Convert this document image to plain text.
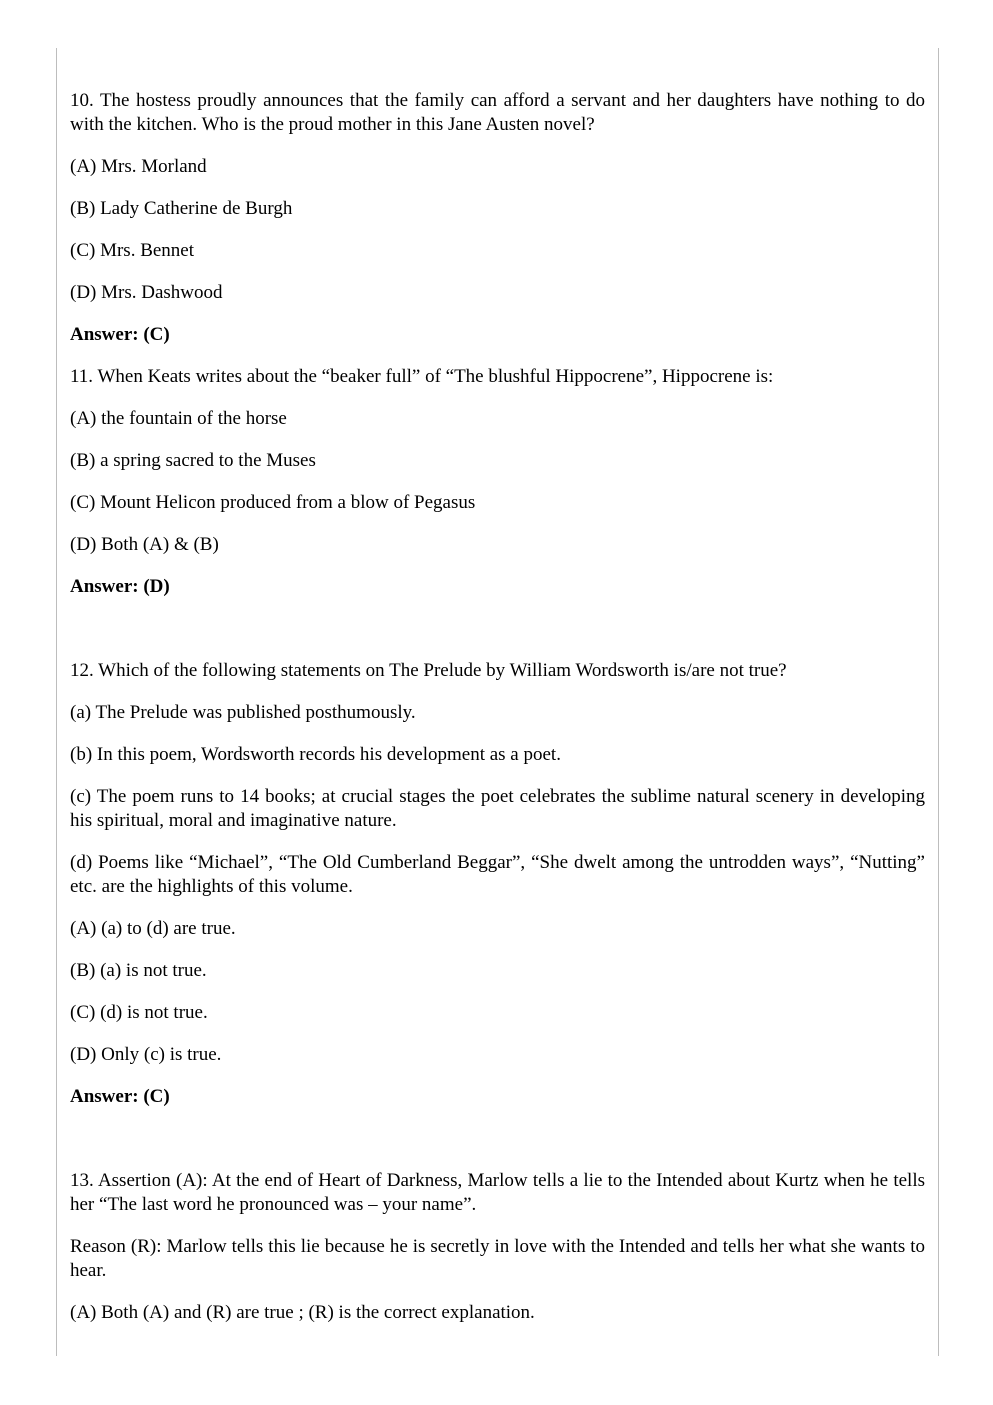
10. The hostess proudly announces that the family can afford a servant and her daughters have nothing to do with the kitchen. Who is the proud mother in this Jane Austen novel?

(A) Mrs. Morland

(B) Lady Catherine de Burgh

(C) Mrs. Bennet

(D) Mrs. Dashwood

Answer: (C)

11. When Keats writes about the “beaker full” of “The blushful Hippocrene”, Hippocrene is:

(A) the fountain of the horse

(B) a spring sacred to the Muses

(C) Mount Helicon produced from a blow of Pegasus

(D) Both (A) & (B)

Answer: (D)

12. Which of the following statements on The Prelude by William Wordsworth is/are not true?

(a) The Prelude was published posthumously.

(b) In this poem, Wordsworth records his development as a poet.

(c) The poem runs to 14 books; at crucial stages the poet celebrates the sublime natural scenery in developing his spiritual, moral and imaginative nature.

(d) Poems like “Michael”, “The Old Cumberland Beggar”, “She dwelt among the untrodden ways”, “Nutting” etc. are the highlights of this volume.

(A) (a) to (d) are true.

(B) (a) is not true.

(C) (d) is not true.

(D) Only (c) is true.

Answer: (C)

13. Assertion (A): At the end of Heart of Darkness, Marlow tells a lie to the Intended about Kurtz when he tells her “The last word he pronounced was – your name”.

Reason (R): Marlow tells this lie because he is secretly in love with the Intended and tells her what she wants to hear.

(A) Both (A) and (R) are true ; (R) is the correct explanation.
